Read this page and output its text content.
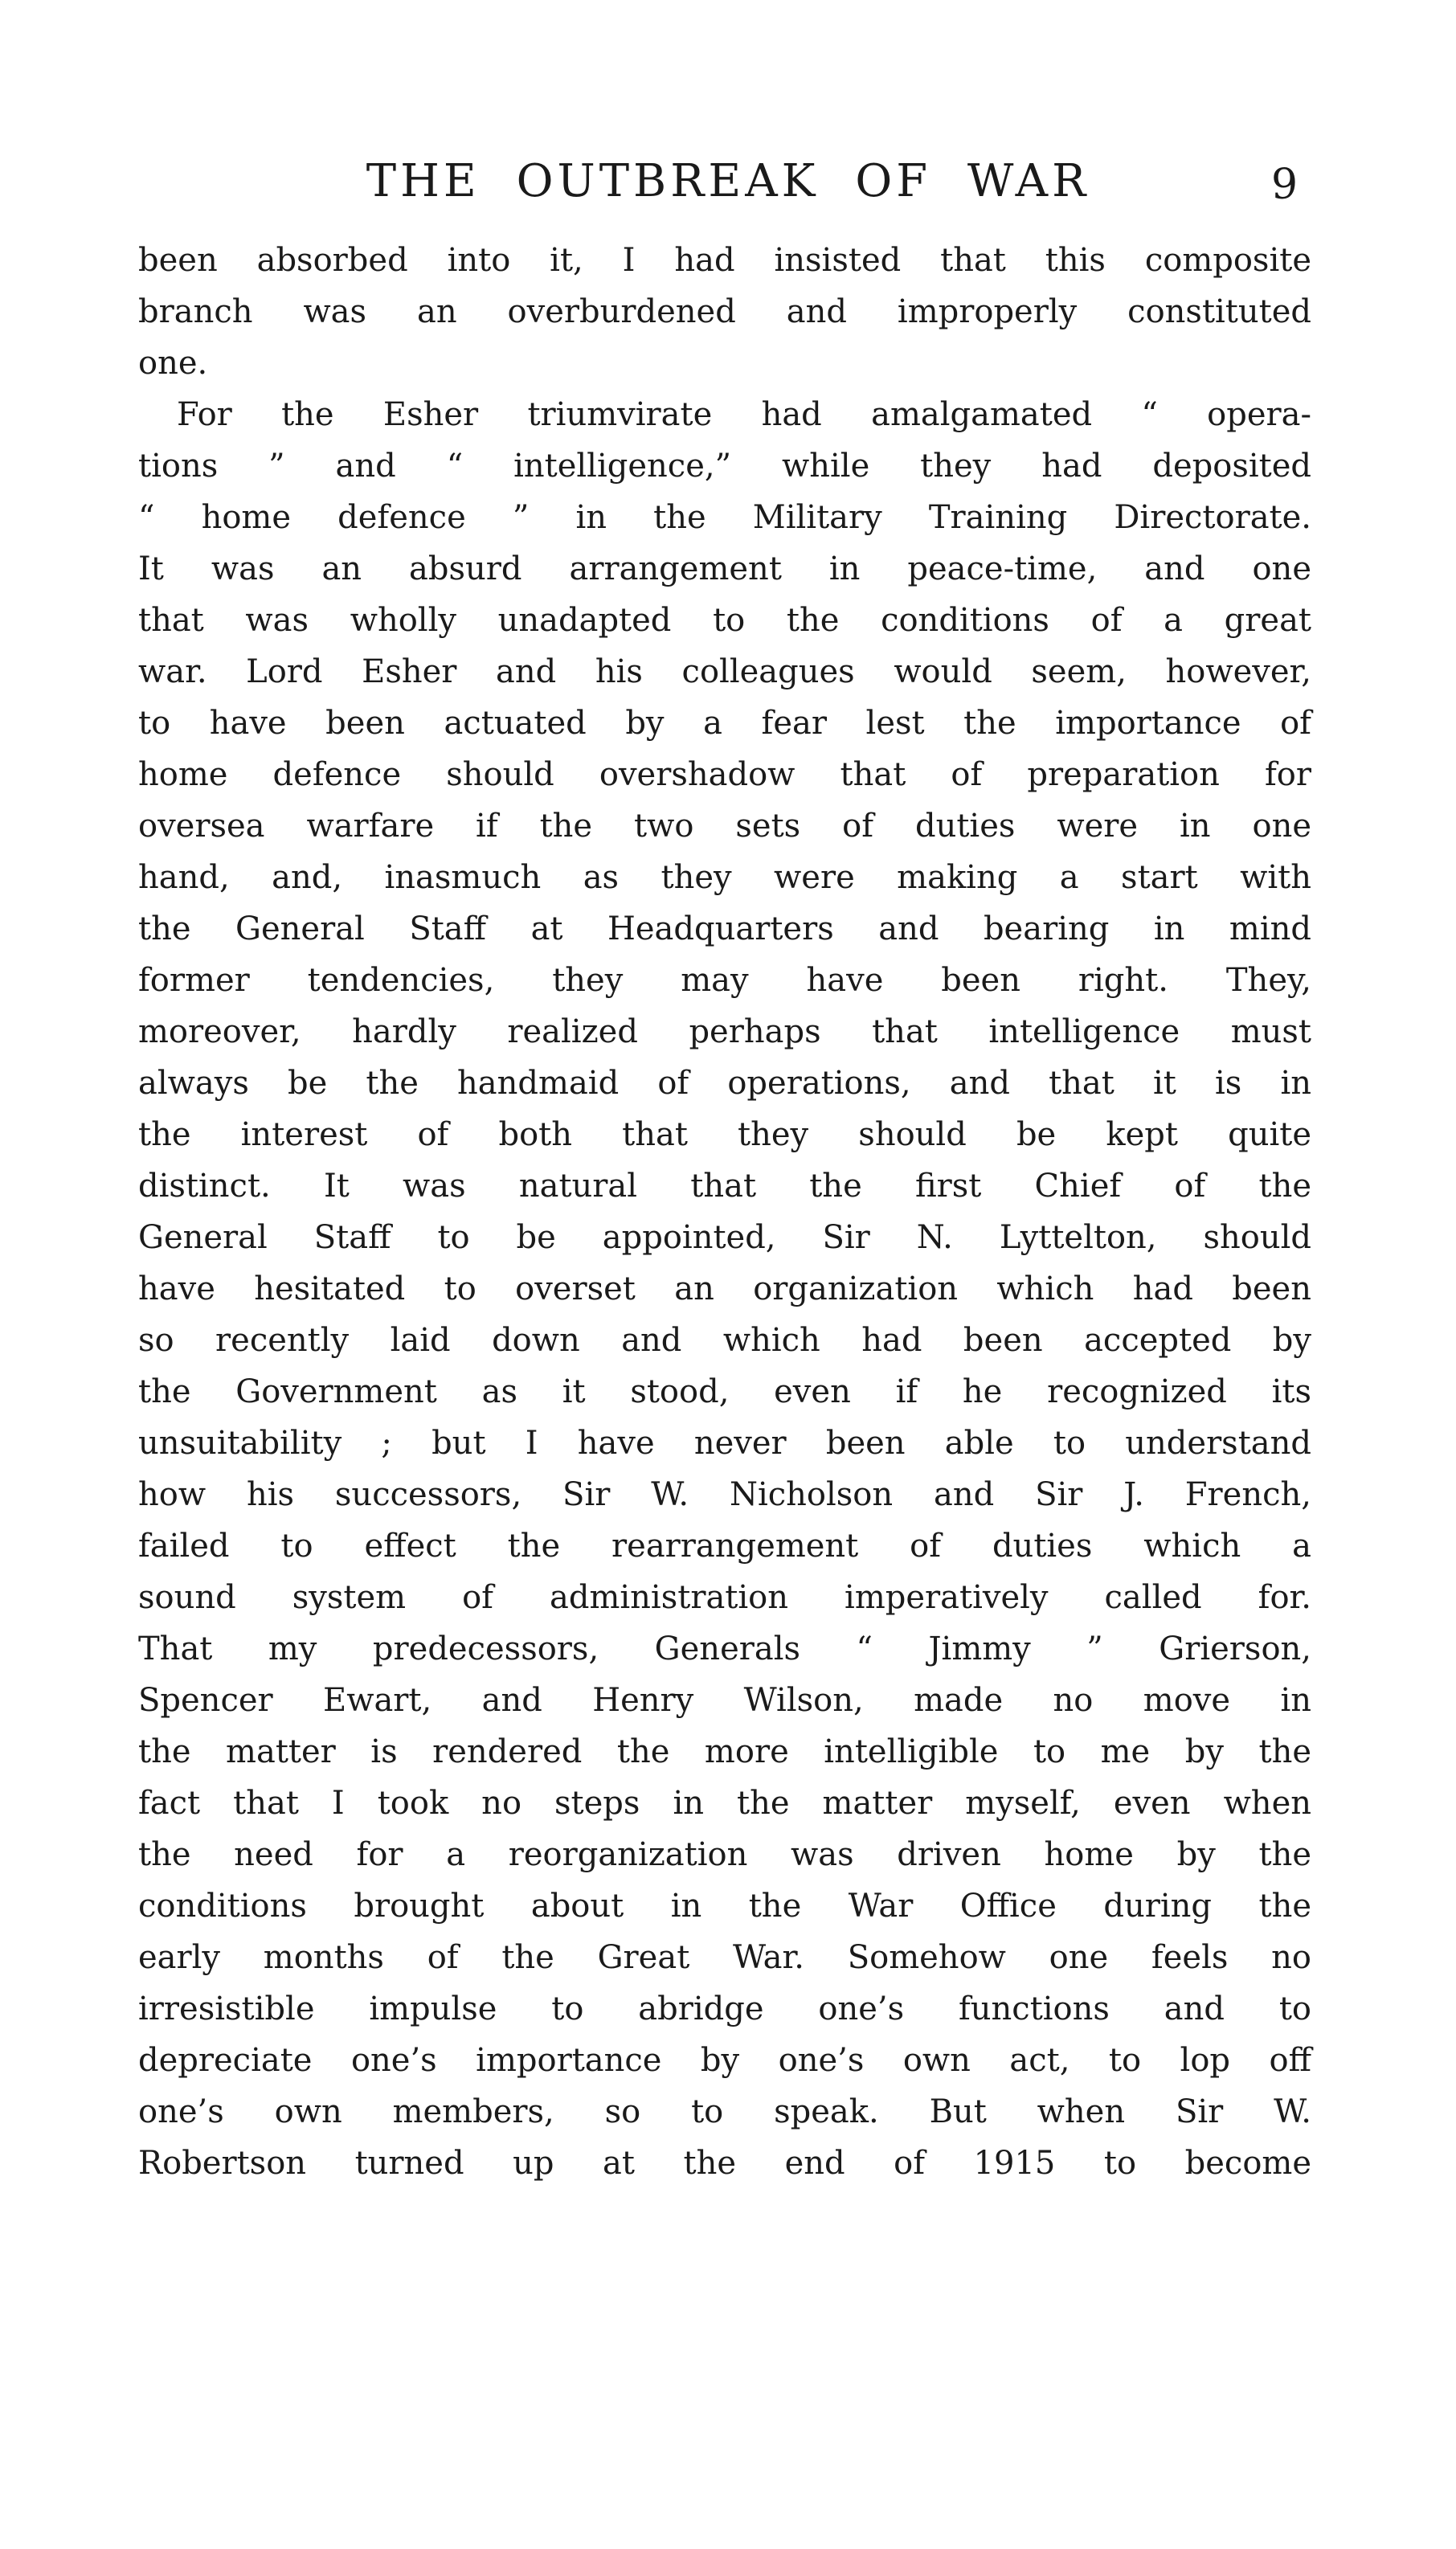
THE OUTBREAK OF WAR	9
been absorbed into it, I had insisted that this composite
branch was an overburdened and improperly constituted
one.
For the Esher triumvirate had amalgamated “ opera-
tions ” and “ intelligence,” while they had deposited
“ home defence ” in the Military Training Directorate.
It was an absurd arrangement in peace-time, and one
that was wholly unadapted to the conditions of a great
war. Lord Esher and his colleagues would seem, however,
to have been actuated by a fear lest the importance of
home defence should overshadow that of preparation for
oversea warfare if the two sets of duties were in one
hand, and, inasmuch as they were making a start with
the General Staff at Headquarters and bearing in mind
former tendencies, they may have been right. They,
moreover, hardly realized perhaps that intelligence must
always be the handmaid of operations, and that it is in
the interest of both that they should be kept quite
distinct. It was natural that the first Chief of the
General Staff to be appointed, Sir N. Lyttelton, should
have hesitated to overset an organization which had been
so recently laid down and which had been accepted by
the Government as it stood, even if he recognized its
unsuitability ; but I have never been able to understand
how his successors, Sir W. Nicholson and Sir J. French,
failed to effect the rearrangement of duties which a
sound system of administration imperatively called for.
That my predecessors, Generals “ Jimmy ” Grierson,
Spencer Ewart, and Henry Wilson, made no move in
the matter is rendered the more intelligible to me by the
fact that I took no steps in the matter myself, even when
the need for a reorganization was driven home by the
conditions brought about in the War Office during the
early months of the Great War. Somehow one feels no
irresistible impulse to abridge one’s functions and to
depreciate one’s importance by one’s own act, to lop off
one’s own members, so to speak. But when Sir W.
Robertson turned up at the end of 1915 to become
